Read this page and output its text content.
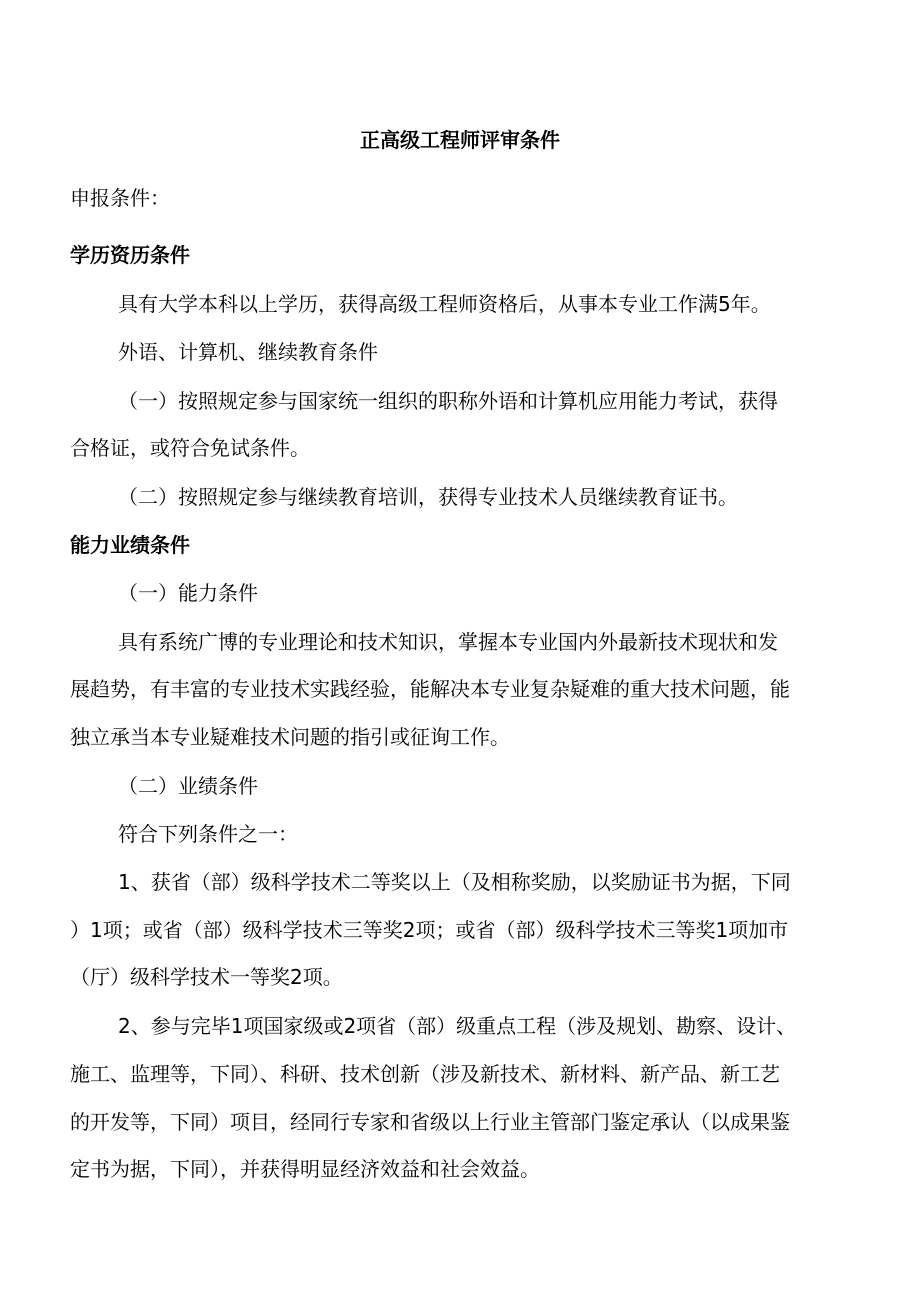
正高级工程师评审条件
申报条件：
学历资历条件
具有大学本科以上学历，获得高级工程师资格后，从事本专业工作满5年。
外语、计算机、继续教育条件
（一）按照规定参与国家统一组织的职称外语和计算机应用能力考试，获得
合格证，或符合免试条件。
（二）按照规定参与继续教育培训，获得专业技术人员继续教育证书。
能力业绩条件
（一）能力条件
具有系统广博的专业理论和技术知识，掌握本专业国内外最新技术现状和发
展趋势，有丰富的专业技术实践经验，能解决本专业复杂疑难的重大技术问题，能
独立承当本专业疑难技术问题的指引或征询工作。
（二）业绩条件
符合下列条件之一：
1、获省（部）级科学技术二等奖以上（及相称奖励，以奖励证书为据，下同
）1项；或省（部）级科学技术三等奖2项；或省（部）级科学技术三等奖1项加市
（厅）级科学技术一等奖2项。
2、参与完毕1项国家级或2项省（部）级重点工程（涉及规划、勘察、设计、
施工、监理等，下同）、科研、技术创新（涉及新技术、新材料、新产品、新工艺
的开发等，下同）项目，经同行专家和省级以上行业主管部门鉴定承认（以成果鉴
定书为据，下同），并获得明显经济效益和社会效益。
